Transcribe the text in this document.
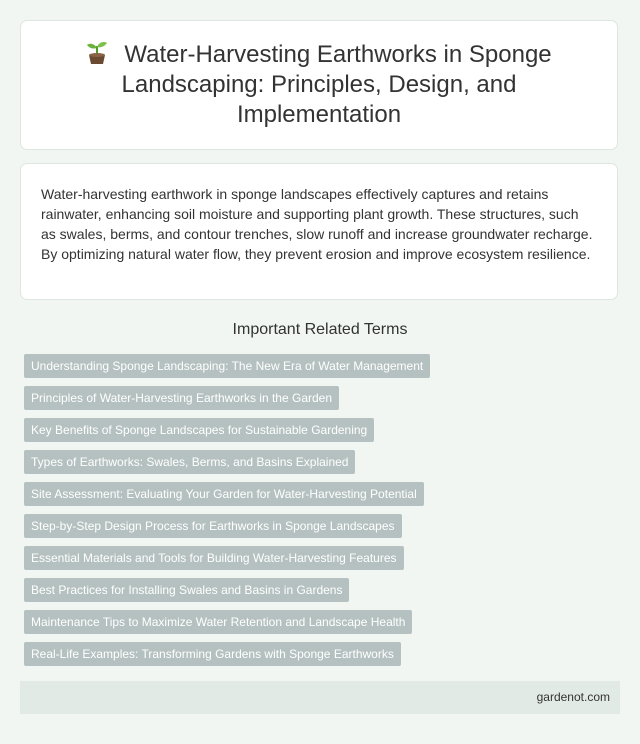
Water-Harvesting Earthworks in Sponge Landscaping: Principles, Design, and Implementation

Water-harvesting earthwork in sponge landscapes effectively captures and retains rainwater, enhancing soil moisture and supporting plant growth. These structures, such as swales, berms, and contour trenches, slow runoff and increase groundwater recharge. By optimizing natural water flow, they prevent erosion and improve ecosystem resilience.

Important Related Terms
Understanding Sponge Landscaping: The New Era of Water Management
Principles of Water-Harvesting Earthworks in the Garden
Key Benefits of Sponge Landscapes for Sustainable Gardening
Types of Earthworks: Swales, Berms, and Basins Explained
Site Assessment: Evaluating Your Garden for Water-Harvesting Potential
Step-by-Step Design Process for Earthworks in Sponge Landscapes
Essential Materials and Tools for Building Water-Harvesting Features
Best Practices for Installing Swales and Basins in Gardens
Maintenance Tips to Maximize Water Retention and Landscape Health
Real-Life Examples: Transforming Gardens with Sponge Earthworks
gardenot.com
